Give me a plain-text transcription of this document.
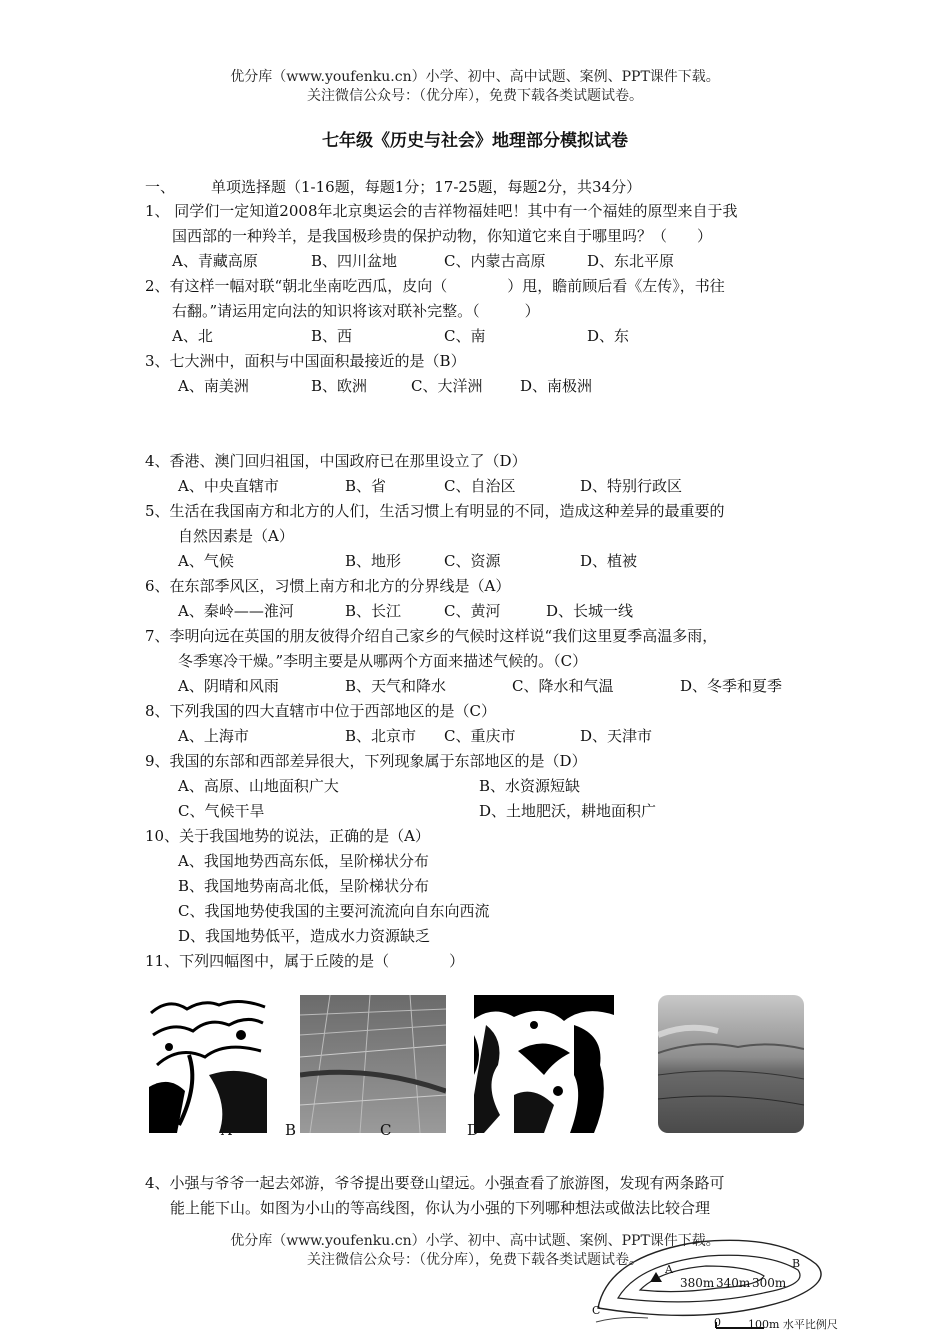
优分库（www.youfenku.cn）小学、初中、高中试题、案例、PPT课件下载。
关注微信公众号：（优分库），免费下载各类试题试卷。
七年级《历史与社会》地理部分模拟试卷
一、 单项选择题（1-16题，每题1分；17-25题，每题2分，共34分）
1、 同学们一定知道2008年北京奥运会的吉祥物福娃吧！其中有一个福娃的原型来自于我
国西部的一种羚羊，是我国极珍贵的保护动物，你知道它来自于哪里吗？（　　）
A、青藏高原	B、四川盆地	C、内蒙古高原	D、东北平原
2、有这样一幅对联“朝北坐南吃西瓜，皮向（　　　　）甩，瞻前顾后看《左传》，书往
右翻。”请运用定向法的知识将该对联补完整。（　　　）
A、北	B、西	C、南	D、东
3、七大洲中，面积与中国面积最接近的是（B）
A、南美洲	B、欧洲	C、大洋洲	D、南极洲
4、香港、澳门回归祖国，中国政府已在那里设立了（D）
A、中央直辖市	B、省	C、自治区	D、特别行政区
5、生活在我国南方和北方的人们，生活习惯上有明显的不同，造成这种差异的最重要的
自然因素是（A）
A、气候	B、地形	C、资源	D、植被
6、在东部季风区，习惯上南方和北方的分界线是（A）
A、秦岭——淮河	B、长江	C、黄河	D、长城一线
7、李明向远在英国的朋友彼得介绍自己家乡的气候时这样说“我们这里夏季高温多雨，
冬季寒冷干燥。”李明主要是从哪两个方面来描述气候的。（C）
A、阴晴和风雨	B、天气和降水	C、降水和气温	D、冬季和夏季
8、下列我国的四大直辖市中位于西部地区的是（C）
A、上海市	B、北京市 C、重庆市	D、天津市
9、我国的东部和西部差异很大，下列现象属于东部地区的是（D）
A、高原、山地面积广大	B、水资源短缺
C、气候干旱	D、土地肥沃，耕地面积广
10、关于我国地势的说法，正确的是（A）
A、我国地势西高东低，呈阶梯状分布
B、我国地势南高北低，呈阶梯状分布
C、我国地势使我国的主要河流流向自东向西流
D、我国地势低平，造成水力资源缺乏
11、下列四幅图中，属于丘陵的是（　　　　）
A	B	C	D
4、小强与爷爷一起去郊游，爷爷提出要登山望远。小强查看了旅游图，发现有两条路可
能上能下山。如图为小山的等高线图，你认为小强的下列哪种想法或做法比较合理
A	B
C
380m 340m 300m
0 100m 水平比例尺
优分库（www.youfenku.cn）小学、初中、高中试题、案例、PPT课件下载。
关注微信公众号：（优分库），免费下载各类试题试卷。
